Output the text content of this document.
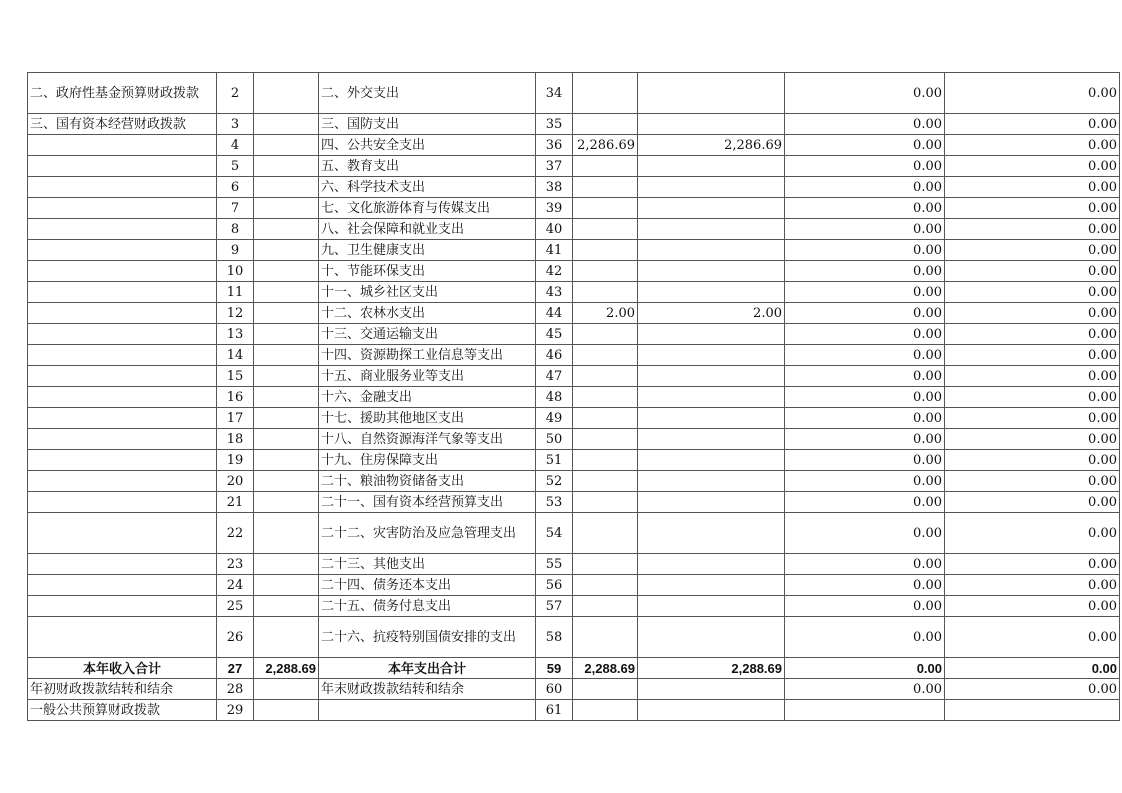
二、政府性基金预算财政拨款	2		二、外交支出	34			0.00	0.00
三、国有资本经营财政拨款	3		三、国防支出	35			0.00	0.00
	4		四、公共安全支出	36	2,286.69	2,286.69	0.00	0.00
	5		五、教育支出	37			0.00	0.00
	6		六、科学技术支出	38			0.00	0.00
	7		七、文化旅游体育与传媒支出	39			0.00	0.00
	8		八、社会保障和就业支出	40			0.00	0.00
	9		九、卫生健康支出	41			0.00	0.00
	10		十、节能环保支出	42			0.00	0.00
	11		十一、城乡社区支出	43			0.00	0.00
	12		十二、农林水支出	44	2.00	2.00	0.00	0.00
	13		十三、交通运输支出	45			0.00	0.00
	14		十四、资源勘探工业信息等支出	46			0.00	0.00
	15		十五、商业服务业等支出	47			0.00	0.00
	16		十六、金融支出	48			0.00	0.00
	17		十七、援助其他地区支出	49			0.00	0.00
	18		十八、自然资源海洋气象等支出	50			0.00	0.00
	19		十九、住房保障支出	51			0.00	0.00
	20		二十、粮油物资储备支出	52			0.00	0.00
	21		二十一、国有资本经营预算支出	53			0.00	0.00
	22		二十二、灾害防治及应急管理支出	54			0.00	0.00
	23		二十三、其他支出	55			0.00	0.00
	24		二十四、债务还本支出	56			0.00	0.00
	25		二十五、债务付息支出	57			0.00	0.00
	26		二十六、抗疫特别国债安排的支出	58			0.00	0.00
本年收入合计	27	2,288.69	本年支出合计	59	2,288.69	2,288.69	0.00	0.00
年初财政拨款结转和结余	28		年末财政拨款结转和结余	60			0.00	0.00
一般公共预算财政拨款	29			61				
